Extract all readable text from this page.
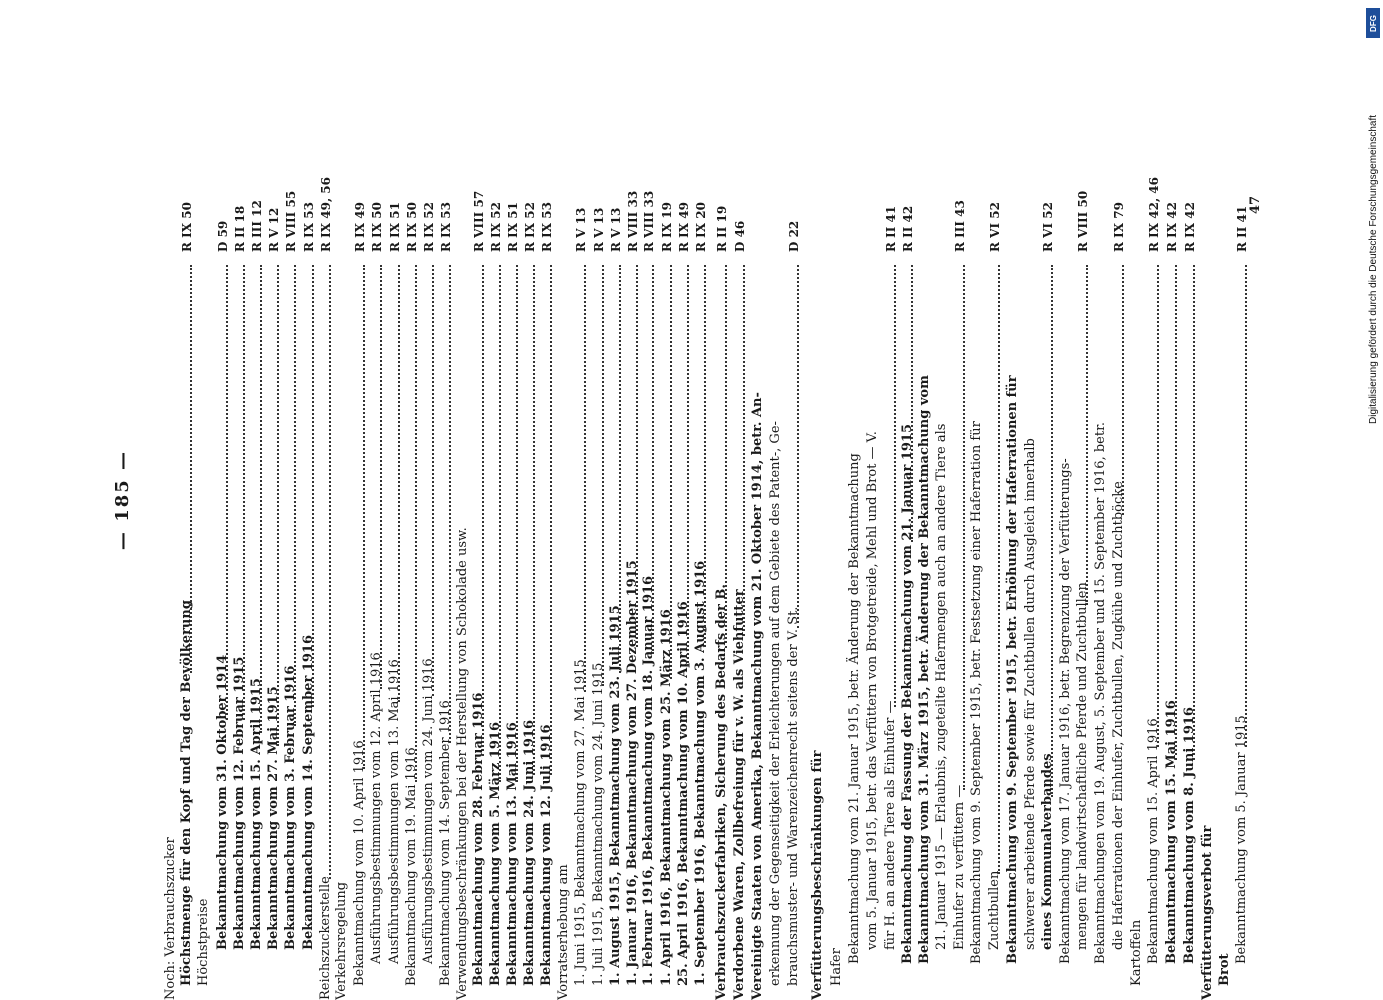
— 185 —
Noch: Verbrauchszucker Höchstmenge für den Kopf und Tag der Bevölkerung
R IX 50
Höchstpreise Bekanntmachung vom 31. Oktober 1914
D 59
Bekanntmachung vom 12. Februar 1915
R II 18
Bekanntmachung vom 15. April 1915
R III 12
Bekanntmachung vom 27. Mai 1915
R V 12
Bekanntmachung vom 3. Februar 1916
R VIII 55
Bekanntmachung vom 14. September 1916
R IX 53
Reichszuckerstelle
R IX 49, 56
Verkehrsregelung Bekanntmachung vom 10. April 1916
R IX 49
Ausführungsbestimmungen vom 12. April 1916
R IX 50
Ausführungsbestimmungen vom 13. Mai 1916
R IX 51
Bekanntmachung vom 19. Mai 1916
R IX 50
Ausführungsbestimmungen vom 24. Juni 1916
R IX 52
Bekanntmachung vom 14. September 1916
R IX 53
Verwendungsbeschränkungen bei der Herstellung von Schokolade usw. Bekanntmachung vom 28. Februar 1916
R VIII 57
Bekanntmachung vom 5. März 1916
R IX 52
Bekanntmachung vom 13. Mai 1916
R IX 51
Bekanntmachung vom 24. Juni 1916
R IX 52
Bekanntmachung vom 12. Juli 1916
R IX 53
Vorratserhebung am 1. Juni 1915, Bekanntmachung vom 27. Mai 1915
R V 13
1. Juli 1915, Bekanntmachung vom 24. Juni 1915
R V 13
1. August 1915, Bekanntmachung vom 23. Juli 1915
R V 13
1. Januar 1916, Bekanntmachung vom 27. Dezember 1915
R VIII 33
1. Februar 1916, Bekanntmachung vom 18. Januar 1916
R VIII 33
1. April 1916, Bekanntmachung vom 25. März 1916
R IX 19
25. April 1916, Bekanntmachung vom 10. April 1916
R IX 49
1. September 1916, Bekanntmachung vom 3. August 1916
R IX 20
Verbrauchszuckerfabriken, Sicherung des Bedarfs der B.
R II 19
Verdorbene Waren, Zollbefreiung für v. W. als Viehfutter
D 46
Vereinigte Staaten von Amerika, Bekanntmachung vom 21. Oktober 1914, betr. An- erkennung der Gegenseitigkeit der Erleichterungen auf dem Gebiete des Patent-, Ge- brauchsmuster- und Warenzeichenrecht seitens der V. St.
D 22
Verfütterungsbeschränkungen für Hafer
Bekanntmachung vom 21. Januar 1915, betr. Änderung der Bekanntmachung vom 5. Januar 1915, betr. das Verfüttern von Brotgetreide, Mehl und Brot — V. für H. an andere Tiere als Einhufer —
R II 41
Bekanntmachung der Fassung der Bekanntmachung vom 21. Januar 1915
R II 42
Bekanntmachung vom 31. März 1915, betr. Änderung der Bekanntmachung vom 21. Januar 1915 — Erlaubnis, zugeteilte Hafermengen auch an andere Tiere als Einhufer zu verfüttern —
R III 43
Bekanntmachung vom 9. September 1915, betr. Festsetzung einer Haferration für Zuchtbullen
R VI 52
Bekanntmachung vom 9. September 1915, betr. Erhöhung der Haferrationen für schwerer arbeitende Pferde sowie für Zuchtbullen durch Ausgleich innerhalb eines Kommunalverbandes
R VI 52
Bekanntmachung vom 17. Januar 1916, betr. Begrenzung der Verfütterungs- mengen für landwirtschaftliche Pferde und Zuchtbullen
R VIII 50
Bekanntmachungen vom 19. August, 5. September und 15. September 1916, betr. die Haferrationen der Einhufer, Zuchtbullen, Zugkühe und Zuchtböcke
R IX 79
Kartoffeln Bekanntmachung vom 15. April 1916
R IX 42, 46
Bekanntmachung vom 15. Mai 1916
R IX 42
Bekanntmachung vom 8. Juni 1916
R IX 42
Verfütterungsverbot für Brot
Bekanntmachung vom 5. Januar 1915
R II 41
47
DFG
Digitalisierung gefördert durch die Deutsche Forschungsgemeinschaft
